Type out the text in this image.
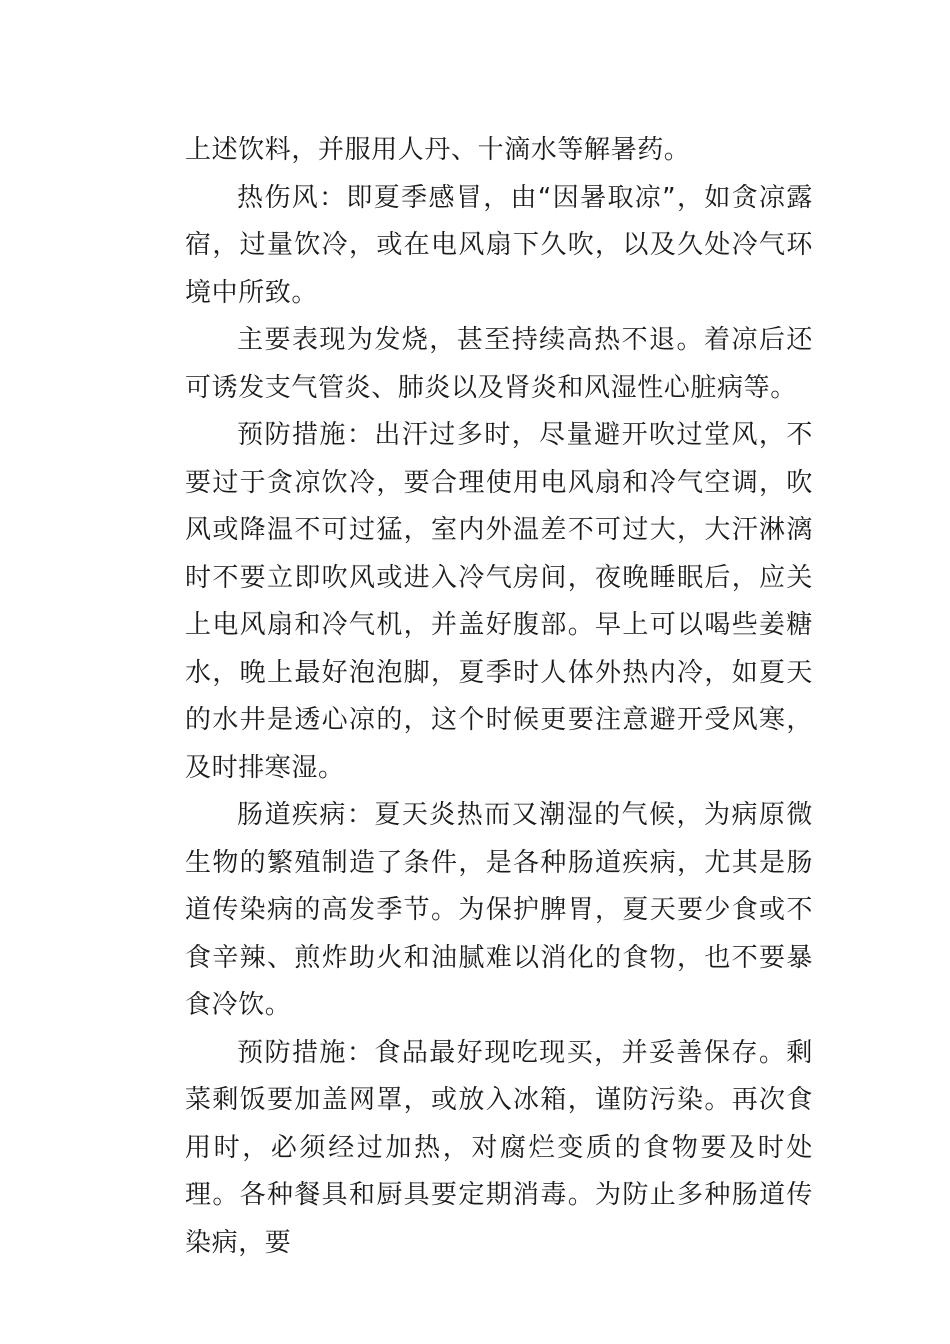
上述饮料，并服用人丹、十滴水等解暑药。

热伤风：即夏季感冒，由“因暑取凉”，如贪凉露宿，过量饮冷，或在电风扇下久吹，以及久处冷气环境中所致。

主要表现为发烧，甚至持续高热不退。着凉后还可诱发支气管炎、肺炎以及肾炎和风湿性心脏病等。

预防措施：出汗过多时，尽量避开吹过堂风，不要过于贪凉饮冷，要合理使用电风扇和冷气空调，吹风或降温不可过猛，室内外温差不可过大，大汗淋漓时不要立即吹风或进入冷气房间，夜晚睡眠后，应关上电风扇和冷气机，并盖好腹部。早上可以喝些姜糖水，晚上最好泡泡脚，夏季时人体外热内冷，如夏天的水井是透心凉的，这个时候更要注意避开受风寒，及时排寒湿。

肠道疾病：夏天炎热而又潮湿的气候，为病原微生物的繁殖制造了条件，是各种肠道疾病，尤其是肠道传染病的高发季节。为保护脾胃，夏天要少食或不食辛辣、煎炸助火和油腻难以消化的食物，也不要暴食冷饮。

预防措施：食品最好现吃现买，并妥善保存。剩菜剩饭要加盖网罩，或放入冰箱，谨防污染。再次食用时，必须经过加热，对腐烂变质的食物要及时处理。各种餐具和厨具要定期消毒。为防止多种肠道传染病，要
